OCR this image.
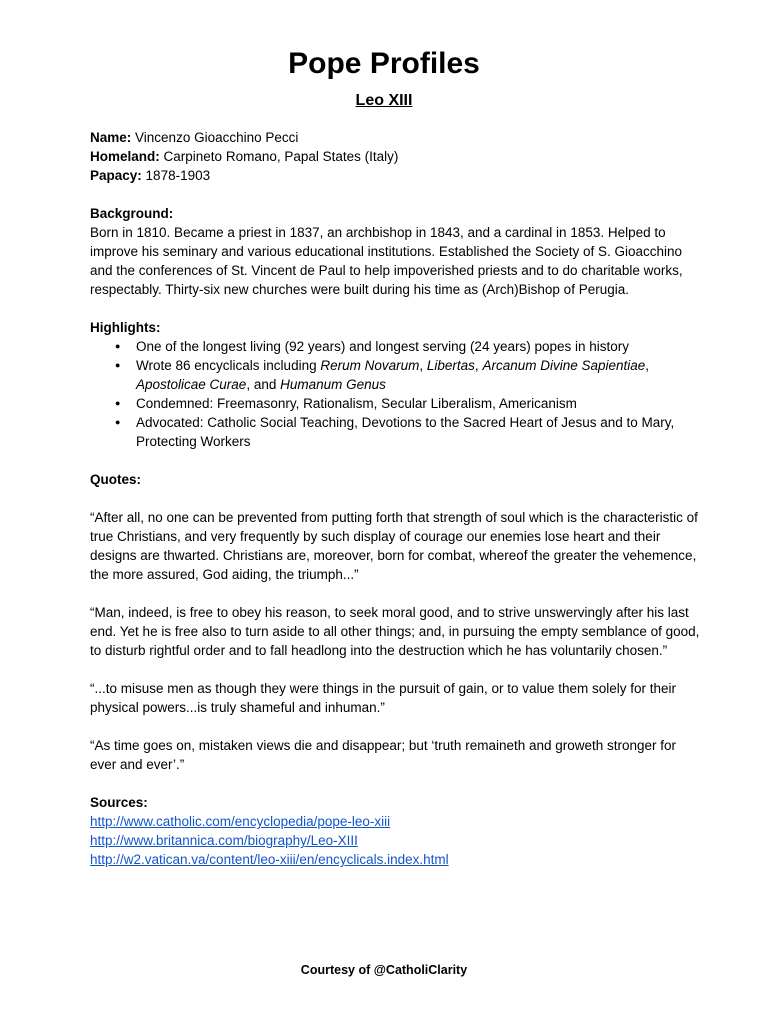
Pope Profiles
Leo XIII

Name: Vincenzo Gioacchino Pecci

Homeland: Carpineto Romano, Papal States (Italy)

Papacy: 1878-1903

Background:

Born in 1810. Became a priest in 1837, an archbishop in 1843, and a cardinal in 1853. Helped to improve his seminary and various educational institutions. Established the Society of S. Gioacchino and the conferences of St. Vincent de Paul to help impoverished priests and to do charitable works, respectably. Thirty-six new churches were built during his time as (Arch)Bishop of Perugia.

Highlights:

● One of the longest living (92 years) and longest serving (24 years) popes in history
● Wrote 86 encyclicals including Rerum Novarum, Libertas, Arcanum Divine Sapientiae, Apostolicae Curae, and Humanum Genus
● Condemned: Freemasonry, Rationalism, Secular Liberalism, Americanism
● Advocated: Catholic Social Teaching, Devotions to the Sacred Heart of Jesus and to Mary, Protecting Workers

Quotes:

“After all, no one can be prevented from putting forth that strength of soul which is the characteristic of true Christians, and very frequently by such display of courage our enemies lose heart and their designs are thwarted. Christians are, moreover, born for combat, whereof the greater the vehemence, the more assured, God aiding, the triumph...”

“Man, indeed, is free to obey his reason, to seek moral good, and to strive unswervingly after his last end. Yet he is free also to turn aside to all other things; and, in pursuing the empty semblance of good, to disturb rightful order and to fall headlong into the destruction which he has voluntarily chosen.”

“...to misuse men as though they were things in the pursuit of gain, or to value them solely for their physical powers...is truly shameful and inhuman.”

“As time goes on, mistaken views die and disappear; but ‘truth remaineth and groweth stronger for ever and ever’.”

Sources:

http://www.catholic.com/encyclopedia/pope-leo-xiii
http://www.britannica.com/biography/Leo-XIII
http://w2.vatican.va/content/leo-xiii/en/encyclicals.index.html
Courtesy of @CatholiClarity
